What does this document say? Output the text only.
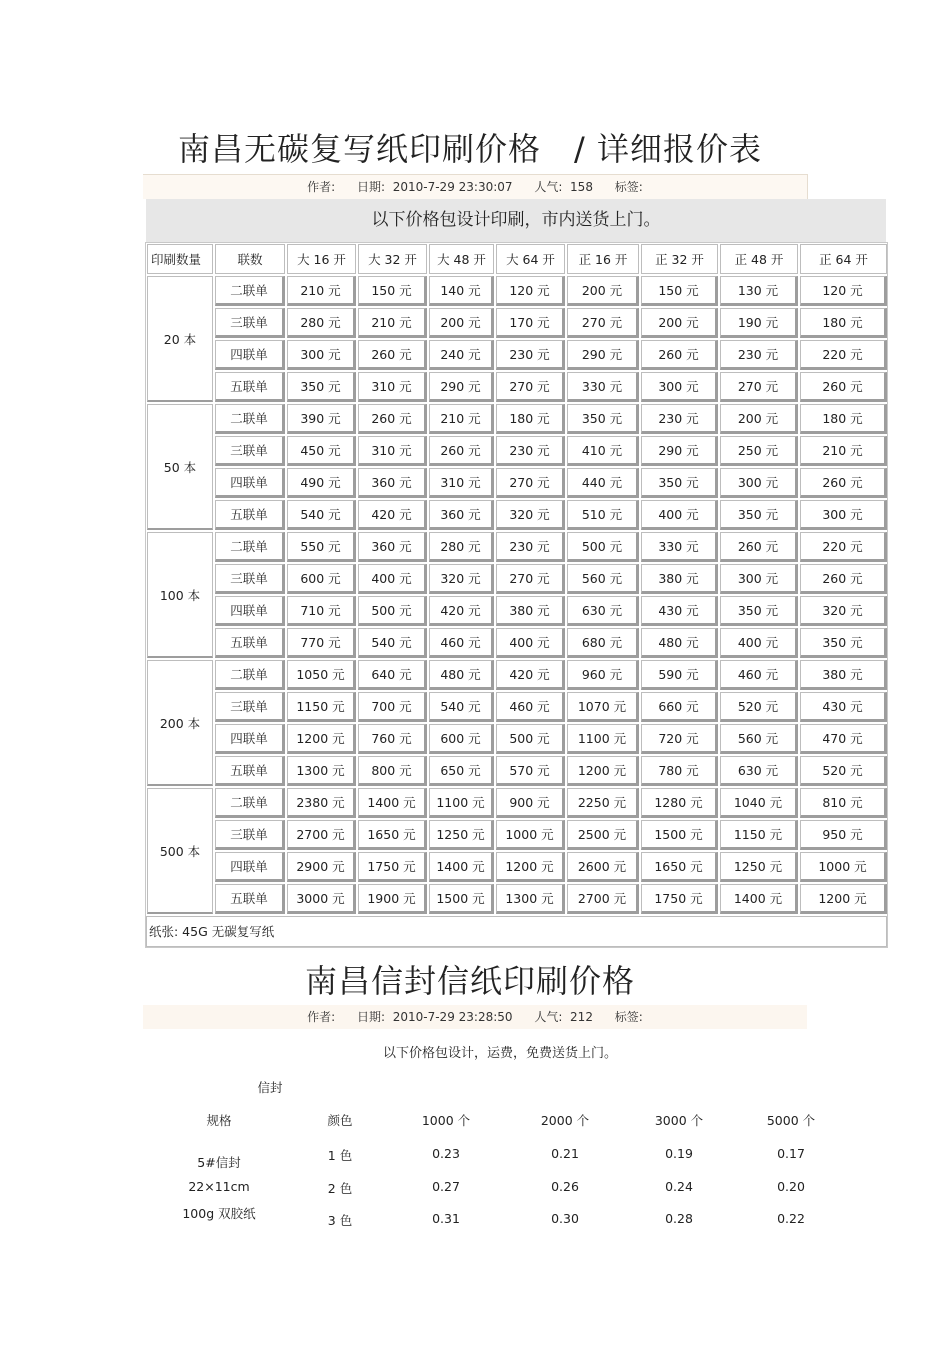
南昌无碳复写纸印刷价格　/ 详细报价表
作者: 日期: 2010-7-29 23:30:07 人气: 158 标签:
以下价格包设计印刷，市内送货上门。
印刷数量	联数	大 16 开	大 32 开	大 48 开	大 64 开	正 16 开	正 32 开	正 48 开	正 64 开
20 本
二联单	210 元	150 元	140 元	120 元	200 元	150 元	130 元	120 元
三联单	280 元	210 元	200 元	170 元	270 元	200 元	190 元	180 元
四联单	300 元	260 元	240 元	230 元	290 元	260 元	230 元	220 元
五联单	350 元	310 元	290 元	270 元	330 元	300 元	270 元	260 元
50 本
二联单	390 元	260 元	210 元	180 元	350 元	230 元	200 元	180 元
三联单	450 元	310 元	260 元	230 元	410 元	290 元	250 元	210 元
四联单	490 元	360 元	310 元	270 元	440 元	350 元	300 元	260 元
五联单	540 元	420 元	360 元	320 元	510 元	400 元	350 元	300 元
100 本
二联单	550 元	360 元	280 元	230 元	500 元	330 元	260 元	220 元
三联单	600 元	400 元	320 元	270 元	560 元	380 元	300 元	260 元
四联单	710 元	500 元	420 元	380 元	630 元	430 元	350 元	320 元
五联单	770 元	540 元	460 元	400 元	680 元	480 元	400 元	350 元
200 本
二联单	1050 元	640 元	480 元	420 元	960 元	590 元	460 元	380 元
三联单	1150 元	700 元	540 元	460 元	1070 元	660 元	520 元	430 元
四联单	1200 元	760 元	600 元	500 元	1100 元	720 元	560 元	470 元
五联单	1300 元	800 元	650 元	570 元	1200 元	780 元	630 元	520 元
500 本
二联单	2380 元	1400 元	1100 元	900 元	2250 元	1280 元	1040 元	810 元
三联单	2700 元	1650 元	1250 元	1000 元	2500 元	1500 元	1150 元	950 元
四联单	2900 元	1750 元	1400 元	1200 元	2600 元	1650 元	1250 元	1000 元
五联单	3000 元	1900 元	1500 元	1300 元	2700 元	1750 元	1400 元	1200 元
纸张: 45G 无碳复写纸
南昌信封信纸印刷价格
作者: 日期: 2010-7-29 23:28:50 人气: 212 标签:
以下价格包设计，运费，免费送货上门。
信封
规格	颜色	1000 个	2000 个	3000 个	5000 个
5#信封
22×11cm
100g 双胶纸
1 色	0.23	0.21	0.19	0.17
2 色	0.27	0.26	0.24	0.20
3 色	0.31	0.30	0.28	0.22
